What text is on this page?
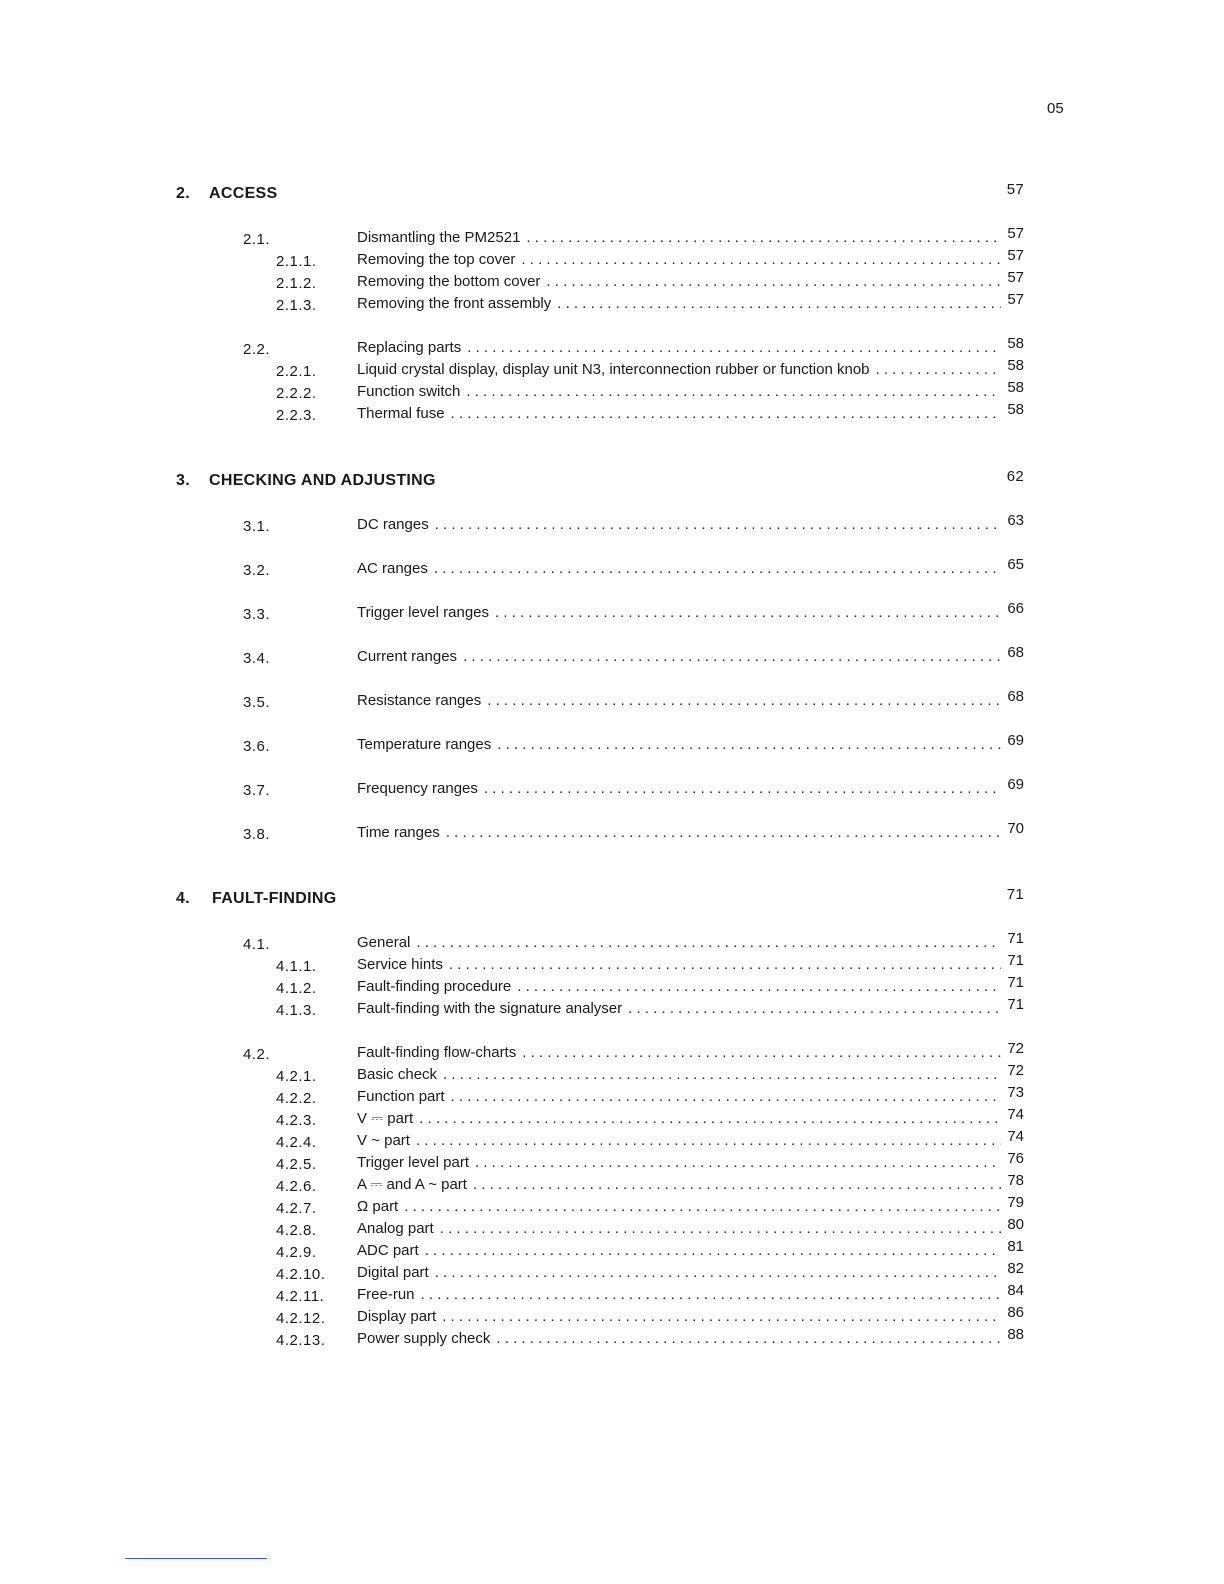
05
2. ACCESS	57
2.1.	Dismantling the PM2521 . . .	57
2.1.1.	Removing the top cover . . .	57
2.1.2.	Removing the bottom cover . . .	57
2.1.3.	Removing the front assembly . . .	57
2.2.	Replacing parts . . .	58
2.2.1.	Liquid crystal display, display unit N3, interconnection rubber or function knob . . .	58
2.2.2.	Function switch . . .	58
2.2.3.	Thermal fuse . . .	58
3. CHECKING AND ADJUSTING	62
3.1.	DC ranges . . .	63
3.2.	AC ranges . . .	65
3.3.	Trigger level ranges . . .	66
3.4.	Current ranges . . .	68
3.5.	Resistance ranges . . .	68
3.6.	Temperature ranges . . .	69
3.7.	Frequency ranges . . .	69
3.8.	Time ranges . . .	70
4. FAULT-FINDING	71
4.1.	General . . .	71
4.1.1.	Service hints . . .	71
4.1.2.	Fault-finding procedure . . .	71
4.1.3.	Fault-finding with the signature analyser . . .	71
4.2.	Fault-finding flow-charts . . .	72
4.2.1.	Basic check . . .	72
4.2.2.	Function part . . .	73
4.2.3.	V ⎓ part . . .	74
4.2.4.	V ~ part . . .	74
4.2.5.	Trigger level part . . .	76
4.2.6.	A ⎓ and A ~ part . . .	78
4.2.7.	Ω part . . .	79
4.2.8.	Analog part . . .	80
4.2.9.	ADC part . . .	81
4.2.10. Digital part . . .	82
4.2.11. Free-run . . .	84
4.2.12. Display part . . .	86
4.2.13. Power supply check . . .	88
